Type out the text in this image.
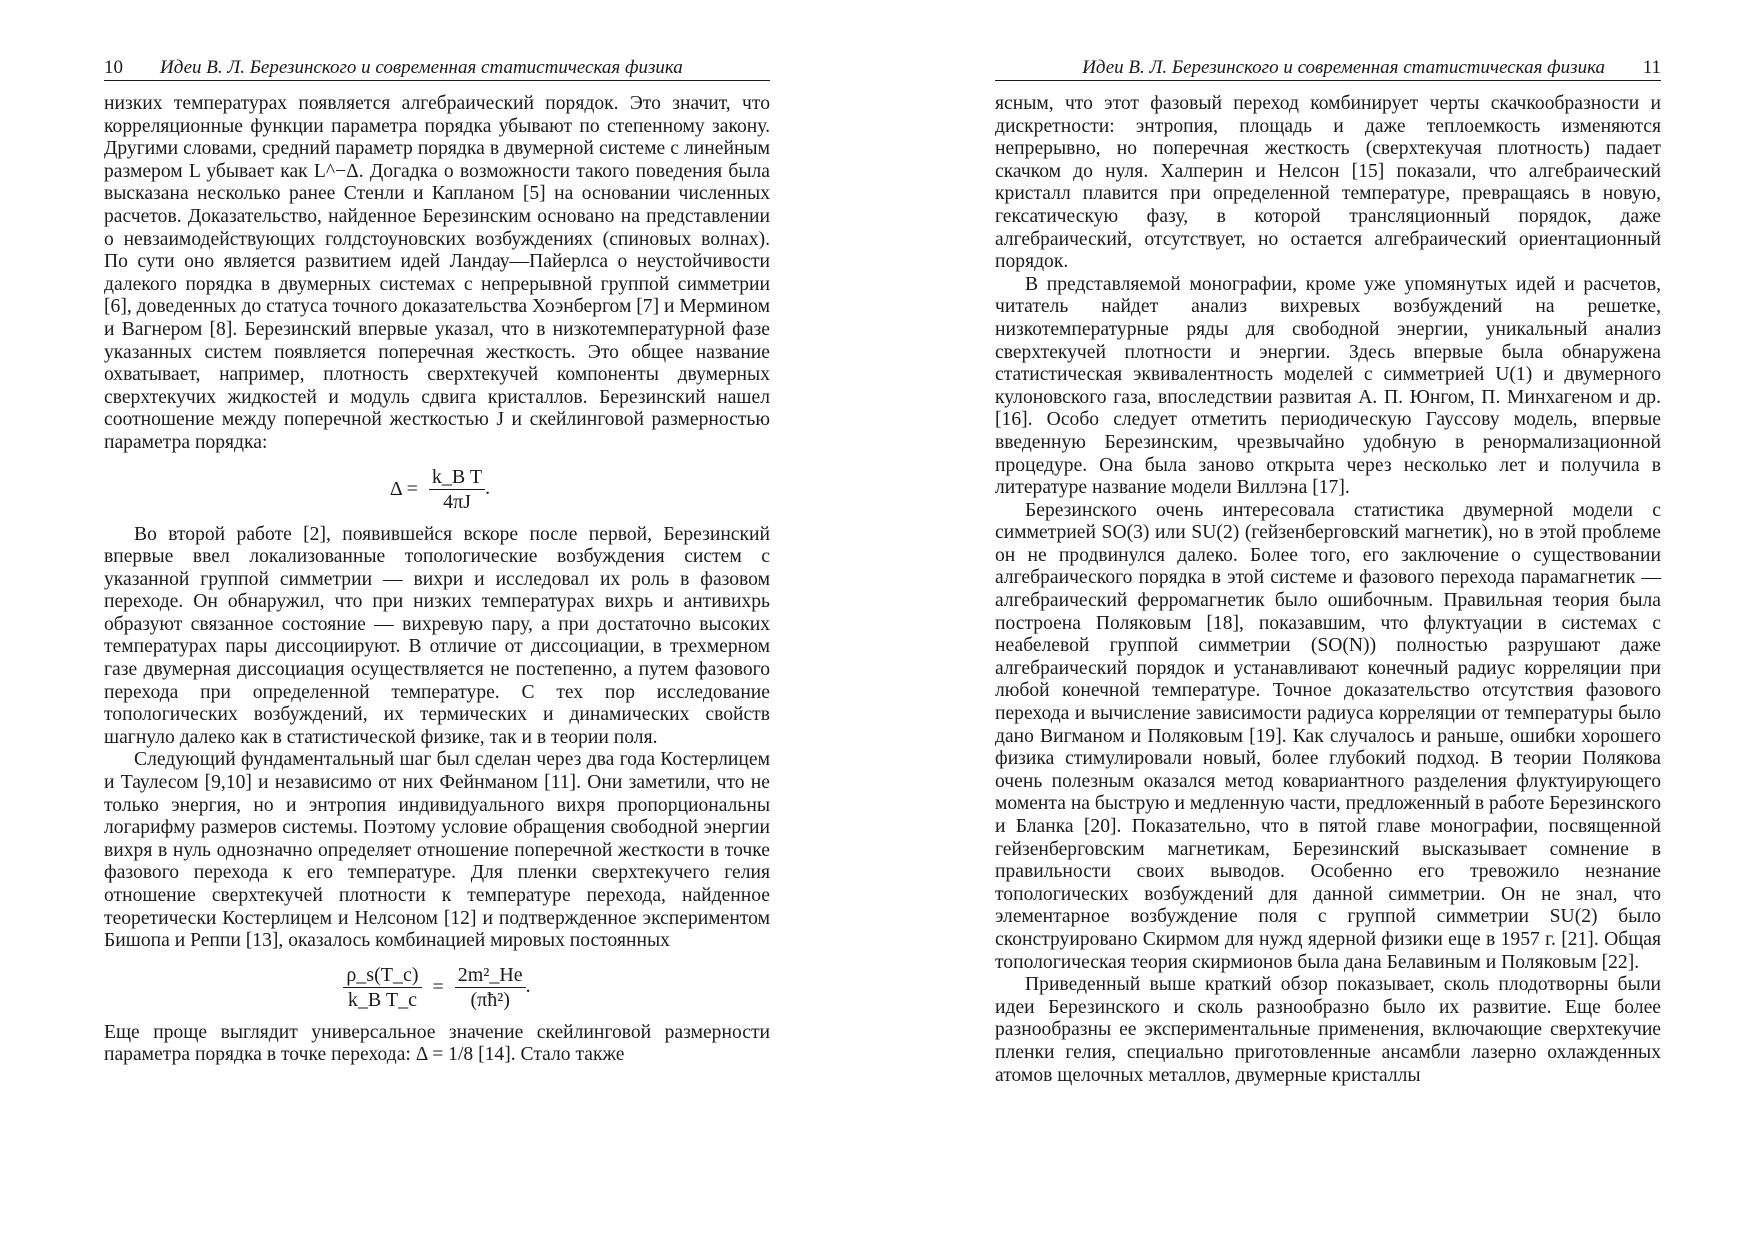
10 Идеи В. Л. Березинского и современная статистическая физика

низких температурах появляется алгебраический порядок. Это значит, что корреляционные функции параметра порядка убывают по степенному закону. Другими словами, средний параметр порядка в двумерной системе с линейным размером L убывает как L^−Δ. Догадка о возможности такого поведения была высказана несколько ранее Стенли и Капланом [5] на основании численных расчетов. Доказательство, найденное Березинским основано на представлении о невзаимодействующих голдстоуновских возбуждениях (спиновых волнах). По сути оно является развитием идей Ландау—Пайерлса о неустойчивости далекого порядка в двумерных системах с непрерывной группой симметрии [6], доведенных до статуса точного доказательства Хоэнбергом [7] и Мермином и Вагнером [8]. Березинский впервые указал, что в низкотемпературной фазе указанных систем появляется поперечная жесткость. Это общее название охватывает, например, плотность сверхтекучей компоненты двумерных сверхтекучих жидкостей и модуль сдвига кристаллов. Березинский нашел соотношение между поперечной жесткостью J и скейлинговой размерностью параметра порядка:

$\Delta = \frac{\text{k\_B T}}{4\pi J}$ .

Во второй работе [2], появившейся вскоре после первой, Березинский впервые ввел локализованные топологические возбуждения систем с указанной группой симметрии — вихри и исследовал их роль в фазовом переходе. Он обнаружил, что при низких температурах вихрь и антивихрь образуют связанное состояние — вихревую пару, а при достаточно высоких температурах пары диссоциируют. В отличие от диссоциации, в трехмерном газе двумерная диссоциация осуществляется не постепенно, а путем фазового перехода при определенной температуре. С тех пор исследование топологических возбуждений, их термических и динамических свойств шагнуло далеко как в статистической физике, так и в теории поля.

Следующий фундаментальный шаг был сделан через два года Костерлицем и Таулесом [9,10] и независимо от них Фейнманом [11]. Они заметили, что не только энергия, но и энтропия индивидуального вихря пропорциональны логарифму размеров системы. Поэтому условие обращения свободной энергии вихря в нуль однозначно определяет отношение поперечной жесткости в точке фазового перехода к его температуре. Для пленки сверхтекучего гелия отношение сверхтекучей плотности к температуре перехода, найденное теоретически Костерлицем и Нелсоном [12] и подтвержденное экспериментом Бишопа и Реппи [13], оказалось комбинацией мировых постоянных

$\frac{\rho\_s(T\_c)}{\text{k\_B T\_c}} = \frac{\text{2m²\_He}}{\text{(πħ²)}}$ .

Еще проще выглядит универсальное значение скейлинговой размерности параметра порядка в точке перехода: Δ = 1/8 [14]. Стало также

Идеи В. Л. Березинского и современная статистическая физика 11

ясным, что этот фазовый переход комбинирует черты скачкообразности и дискретности: энтропия, площадь и даже теплоемкость изменяются непрерывно, но поперечная жесткость (сверхтекучая плотность) падает скачком до нуля. Халперин и Нелсон [15] показали, что алгебраический кристалл плавится при определенной температуре, превращаясь в новую, гексатическую фазу, в которой трансляционный порядок, даже алгебраический, отсутствует, но остается алгебраический ориентационный порядок.

В представляемой монографии, кроме уже упомянутых идей и расчетов, читатель найдет анализ вихревых возбуждений на решетке, низкотемпературные ряды для свободной энергии, уникальный анализ сверхтекучей плотности и энергии. Здесь впервые была обнаружена статистическая эквивалентность моделей с симметрией U(1) и двумерного кулоновского газа, впоследствии развитая А. П. Юнгом, П. Минхагеном и др. [16]. Особо следует отметить периодическую Гауссову модель, впервые введенную Березинским, чрезвычайно удобную в ренормализационной процедуре. Она была заново открыта через несколько лет и получила в литературе название модели Виллэна [17].

Березинского очень интересовала статистика двумерной модели с симметрией SO(3) или SU(2) (гейзенберговский магнетик), но в этой проблеме он не продвинулся далеко. Более того, его заключение о существовании алгебраического порядка в этой системе и фазового перехода парамагнетик — алгебраический ферромагнетик было ошибочным. Правильная теория была построена Поляковым [18], показавшим, что флуктуации в системах с неабелевой группой симметрии (SO(N)) полностью разрушают даже алгебраический порядок и устанавливают конечный радиус корреляции при любой конечной температуре. Точное доказательство отсутствия фазового перехода и вычисление зависимости радиуса корреляции от температуры было дано Вигманом и Поляковым [19]. Как случалось и раньше, ошибки хорошего физика стимулировали новый, более глубокий подход. В теории Полякова очень полезным оказался метод ковариантного разделения флуктуирующего момента на быструю и медленную части, предложенный в работе Березинского и Бланка [20]. Показательно, что в пятой главе монографии, посвященной гейзенберговским магнетикам, Березинский высказывает сомнение в правильности своих выводов. Особенно его тревожило незнание топологических возбуждений для данной симметрии. Он не знал, что элементарное возбуждение поля с группой симметрии SU(2) было сконструировано Скирмом для нужд ядерной физики еще в 1957 г. [21]. Общая топологическая теория скирмионов была дана Белавиным и Поляковым [22].

Приведенный выше краткий обзор показывает, сколь плодотворны были идеи Березинского и сколь разнообразно было их развитие. Еще более разнообразны ее экспериментальные применения, включающие сверхтекучие пленки гелия, специально приготовленные ансамбли лазерно охлажденных атомов щелочных металлов, двумерные кристаллы
